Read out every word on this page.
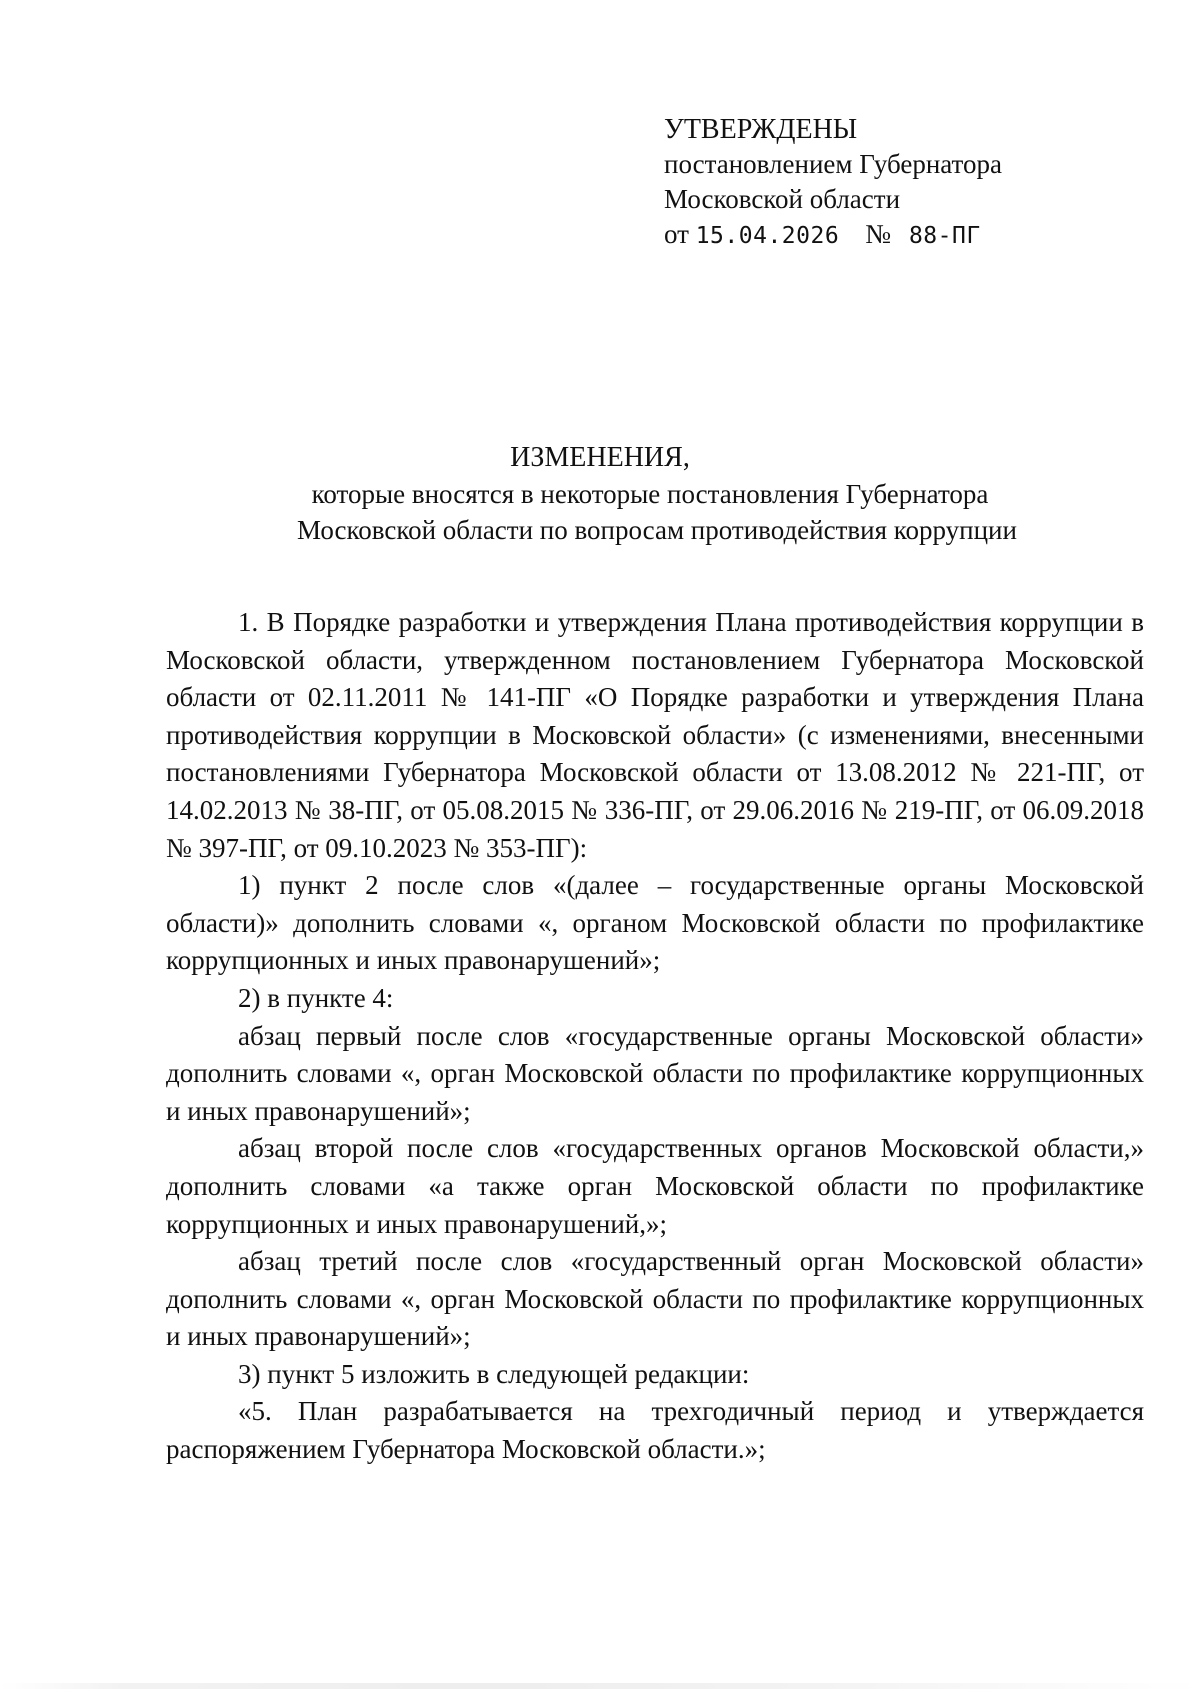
УТВЕРЖДЕНЫ
постановлением Губернатора
Московской области
от 15.04.2026 № 88-ПГ
ИЗМЕНЕНИЯ,
которые вносятся в некоторые постановления Губернатора
Московской области по вопросам противодействия коррупции

1. В Порядке разработки и утверждения Плана противодействия коррупции в Московской области, утвержденном постановлением Губернатора Московской области от 02.11.2011 № 141-ПГ «О Порядке разработки и утверждения Плана противодействия коррупции в Московской области» (с изменениями, внесенными постановлениями Губернатора Московской области от 13.08.2012 № 221-ПГ, от 14.02.2013 № 38-ПГ, от 05.08.2015 № 336-ПГ, от 29.06.2016 № 219-ПГ, от 06.09.2018 № 397-ПГ, от 09.10.2023 № 353-ПГ):

1) пункт 2 после слов «(далее – государственные органы Московской области)» дополнить словами «, органом Московской области по профилактике коррупционных и иных правонарушений»;

2) в пункте 4:

абзац первый после слов «государственные органы Московской области» дополнить словами «, орган Московской области по профилактике коррупционных и иных правонарушений»;

абзац второй после слов «государственных органов Московской области,» дополнить словами «а также орган Московской области по профилактике коррупционных и иных правонарушений,»;

абзац третий после слов «государственный орган Московской области» дополнить словами «, орган Московской области по профилактике коррупционных и иных правонарушений»;

3) пункт 5 изложить в следующей редакции:

«5. План разрабатывается на трехгодичный период и утверждается распоряжением Губернатора Московской области.»;
